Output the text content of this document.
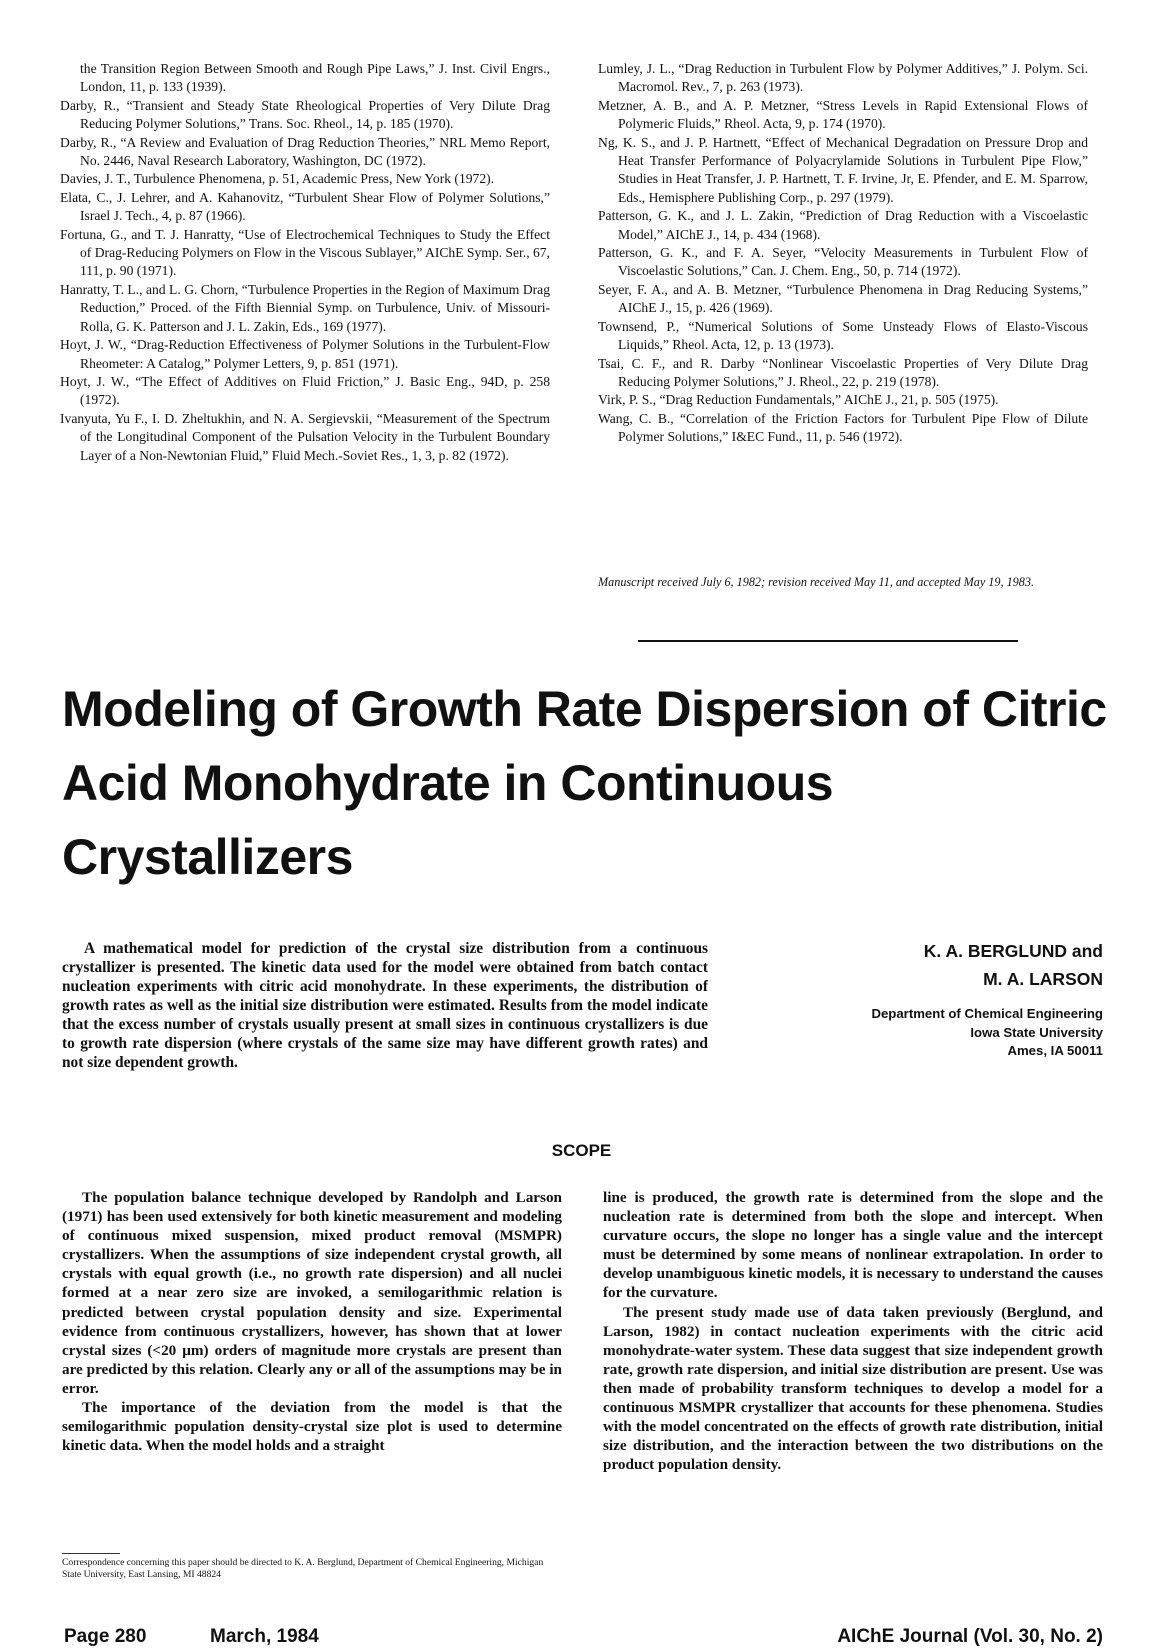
the Transition Region Between Smooth and Rough Pipe Laws,” J. Inst. Civil Engrs., London, 11, p. 133 (1939).

Darby, R., “Transient and Steady State Rheological Properties of Very Dilute Drag Reducing Polymer Solutions,” Trans. Soc. Rheol., 14, p. 185 (1970).

Darby, R., “A Review and Evaluation of Drag Reduction Theories,” NRL Memo Report, No. 2446, Naval Research Laboratory, Washington, DC (1972).

Davies, J. T., Turbulence Phenomena, p. 51, Academic Press, New York (1972).

Elata, C., J. Lehrer, and A. Kahanovitz, “Turbulent Shear Flow of Polymer Solutions,” Israel J. Tech., 4, p. 87 (1966).

Fortuna, G., and T. J. Hanratty, “Use of Electrochemical Techniques to Study the Effect of Drag-Reducing Polymers on Flow in the Viscous Sublayer,” AIChE Symp. Ser., 67, 111, p. 90 (1971).

Hanratty, T. L., and L. G. Chorn, “Turbulence Properties in the Region of Maximum Drag Reduction,” Proced. of the Fifth Biennial Symp. on Turbulence, Univ. of Missouri-Rolla, G. K. Patterson and J. L. Zakin, Eds., 169 (1977).

Hoyt, J. W., “Drag-Reduction Effectiveness of Polymer Solutions in the Turbulent-Flow Rheometer: A Catalog,” Polymer Letters, 9, p. 851 (1971).

Hoyt, J. W., “The Effect of Additives on Fluid Friction,” J. Basic Eng., 94D, p. 258 (1972).

Ivanyuta, Yu F., I. D. Zheltukhin, and N. A. Sergievskii, “Measurement of the Spectrum of the Longitudinal Component of the Pulsation Velocity in the Turbulent Boundary Layer of a Non-Newtonian Fluid,” Fluid Mech.-Soviet Res., 1, 3, p. 82 (1972).

Lumley, J. L., “Drag Reduction in Turbulent Flow by Polymer Additives,” J. Polym. Sci. Macromol. Rev., 7, p. 263 (1973).

Metzner, A. B., and A. P. Metzner, “Stress Levels in Rapid Extensional Flows of Polymeric Fluids,” Rheol. Acta, 9, p. 174 (1970).

Ng, K. S., and J. P. Hartnett, “Effect of Mechanical Degradation on Pressure Drop and Heat Transfer Performance of Polyacrylamide Solutions in Turbulent Pipe Flow,” Studies in Heat Transfer, J. P. Hartnett, T. F. Irvine, Jr, E. Pfender, and E. M. Sparrow, Eds., Hemisphere Publishing Corp., p. 297 (1979).

Patterson, G. K., and J. L. Zakin, “Prediction of Drag Reduction with a Viscoelastic Model,” AIChE J., 14, p. 434 (1968).

Patterson, G. K., and F. A. Seyer, “Velocity Measurements in Turbulent Flow of Viscoelastic Solutions,” Can. J. Chem. Eng., 50, p. 714 (1972).

Seyer, F. A., and A. B. Metzner, “Turbulence Phenomena in Drag Reducing Systems,” AIChE J., 15, p. 426 (1969).

Townsend, P., “Numerical Solutions of Some Unsteady Flows of Elasto-Viscous Liquids,” Rheol. Acta, 12, p. 13 (1973).

Tsai, C. F., and R. Darby “Nonlinear Viscoelastic Properties of Very Dilute Drag Reducing Polymer Solutions,” J. Rheol., 22, p. 219 (1978).

Virk, P. S., “Drag Reduction Fundamentals,” AIChE J., 21, p. 505 (1975).

Wang, C. B., “Correlation of the Friction Factors for Turbulent Pipe Flow of Dilute Polymer Solutions,” I&EC Fund., 11, p. 546 (1972).

Manuscript received July 6, 1982; revision received May 11, and accepted May 19, 1983.

Modeling of Growth Rate Dispersion of Citric Acid Monohydrate in Continuous Crystallizers

A mathematical model for prediction of the crystal size distribution from a continuous crystallizer is presented. The kinetic data used for the model were obtained from batch contact nucleation experiments with citric acid monohydrate. In these experiments, the distribution of growth rates as well as the initial size distribution were estimated. Results from the model indicate that the excess number of crystals usually present at small sizes in continuous crystallizers is due to growth rate dispersion (where crystals of the same size may have different growth rates) and not size dependent growth.

K. A. BERGLUND and

M. A. LARSON

Department of Chemical Engineering

Iowa State University

Ames, IA 50011

SCOPE

The population balance technique developed by Randolph and Larson (1971) has been used extensively for both kinetic measurement and modeling of continuous mixed suspension, mixed product removal (MSMPR) crystallizers. When the assumptions of size independent crystal growth, all crystals with equal growth (i.e., no growth rate dispersion) and all nuclei formed at a near zero size are invoked, a semilogarithmic relation is predicted between crystal population density and size. Experimental evidence from continuous crystallizers, however, has shown that at lower crystal sizes (<20 μm) orders of magnitude more crystals are present than are predicted by this relation. Clearly any or all of the assumptions may be in error.

The importance of the deviation from the model is that the semilogarithmic population density-crystal size plot is used to determine kinetic data. When the model holds and a straight

line is produced, the growth rate is determined from the slope and the nucleation rate is determined from both the slope and intercept. When curvature occurs, the slope no longer has a single value and the intercept must be determined by some means of nonlinear extrapolation. In order to develop unambiguous kinetic models, it is necessary to understand the causes for the curvature.

The present study made use of data taken previously (Berglund, and Larson, 1982) in contact nucleation experiments with the citric acid monohydrate-water system. These data suggest that size independent growth rate, growth rate dispersion, and initial size distribution are present. Use was then made of probability transform techniques to develop a model for a continuous MSMPR crystallizer that accounts for these phenomena. Studies with the model concentrated on the effects of growth rate distribution, initial size distribution, and the interaction between the two distributions on the product population density.

Correspondence concerning this paper should be directed to K. A. Berglund, Department of Chemical Engineering, Michigan State University, East Lansing, MI 48824

Page 280	March, 1984	AIChE Journal (Vol. 30, No. 2)
